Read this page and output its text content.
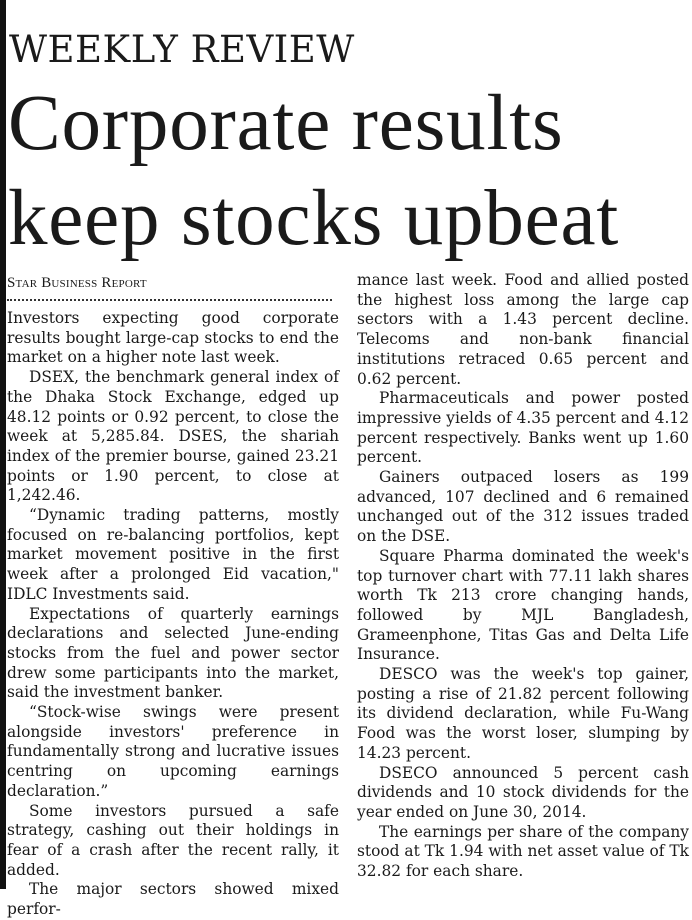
WEEKLY REVIEW
Corporate results keep stocks upbeat
Star Business Report

Investors expecting good corporate results bought large-cap stocks to end the market on a higher note last week.

DSEX, the benchmark general index of the Dhaka Stock Exchange, edged up 48.12 points or 0.92 percent, to close the week at 5,285.84. DSES, the shariah index of the premier bourse, gained 23.21 points or 1.90 percent, to close at 1,242.46.

“Dynamic trading patterns, mostly focused on re-balancing portfolios, kept market movement positive in the first week after a prolonged Eid vacation," IDLC Investments said.

Expectations of quarterly earnings declarations and selected June-ending stocks from the fuel and power sector drew some participants into the market, said the investment banker.

“Stock-wise swings were present alongside investors' preference in fundamentally strong and lucrative issues centring on upcoming earnings declaration.”

Some investors pursued a safe strategy, cashing out their holdings in fear of a crash after the recent rally, it added.

The major sectors showed mixed perfor-

mance last week. Food and allied posted the highest loss among the large cap sectors with a 1.43 percent decline. Telecoms and non-bank financial institutions retraced 0.65 percent and 0.62 percent.

Pharmaceuticals and power posted impressive yields of 4.35 percent and 4.12 percent respectively. Banks went up 1.60 percent.

Gainers outpaced losers as 199 advanced, 107 declined and 6 remained unchanged out of the 312 issues traded on the DSE.

Square Pharma dominated the week's top turnover chart with 77.11 lakh shares worth Tk 213 crore changing hands, followed by MJL Bangladesh, Grameenphone, Titas Gas and Delta Life Insurance.

DESCO was the week's top gainer, posting a rise of 21.82 percent following its dividend declaration, while Fu-Wang Food was the worst loser, slumping by 14.23 percent.

DSECO announced 5 percent cash dividends and 10 stock dividends for the year ended on June 30, 2014.

The earnings per share of the company stood at Tk 1.94 with net asset value of Tk 32.82 for each share.
